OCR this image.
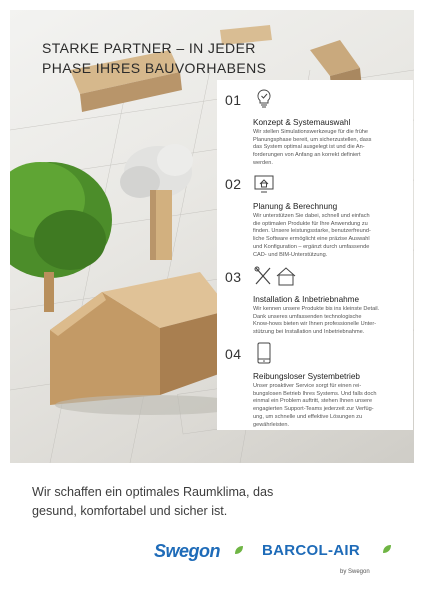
STARKE PARTNER – IN JEDER
PHASE IHRES BAUVORHABENS
01
Konzept & Systemauswahl

Wir stellen Simulationswerkzeuge für die frühe
Planungsphase bereit, um sicherzustellen, dass
das System optimal ausgelegt ist und die An-
forderungen von Anfang an korrekt definiert
werden.

02
Planung & Berechnung

Wir unterstützen Sie dabei, schnell und einfach
die optimalen Produkte für Ihre Anwendung zu
finden. Unsere leistungsstarke, benutzerfreund-
liche Software ermöglicht eine präzise Auswahl
und Konfiguration – ergänzt durch umfassende
CAD- und BIM-Unterstützung.

03
Installation & Inbetriebnahme

Wir kennen unsere Produkte bis ins kleinste Detail.
Dank unseres umfassenden technologische
Know-hows bieten wir Ihnen professionelle Unter-
stützung bei Installation und Inbetriebnahme.

04
Reibungsloser Systembetrieb

Unser proaktiver Service sorgt für einen rei-
bungslosen Betrieb Ihres Systems. Und falls doch
einmal ein Problem auftritt, stehen Ihnen unsere
engagierten Support-Teams jederzeit zur Verfüg-
ung, um schnelle und effektive Lösungen zu
gewährleisten.

Wir schaffen ein optimales Raumklima, das
gesund, komfortabel und sicher ist.

Swegon	BARCOL-AIR
by Swegon
